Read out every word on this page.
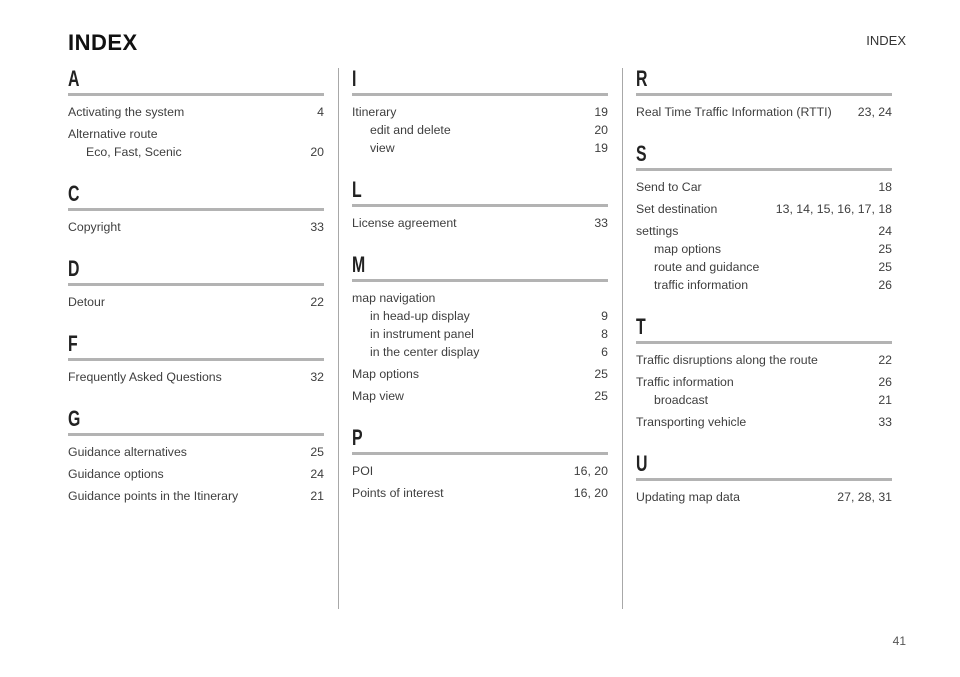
INDEX	INDEX
A
Activating the system	4
Alternative route
Eco, Fast, Scenic	20
C
Copyright	33
D
Detour	22
F
Frequently Asked Questions	32
G
Guidance alternatives	25
Guidance options	24
Guidance points in the Itinerary	21
I
Itinerary	19
edit and delete	20
view	19
L
License agreement	33
M
map navigation
in head-up display	9
in instrument panel	8
in the center display	6
Map options	25
Map view	25
P
POI	16, 20
Points of interest	16, 20
R
Real Time Traffic Information (RTTI) 23, 24
S
Send to Car	18
Set destination	13, 14, 15, 16, 17, 18
settings	24
map options	25
route and guidance	25
traffic information	26
T
Traffic disruptions along the route	22
Traffic information	26
broadcast	21
Transporting vehicle	33
U
Updating map data	27, 28, 31
41
